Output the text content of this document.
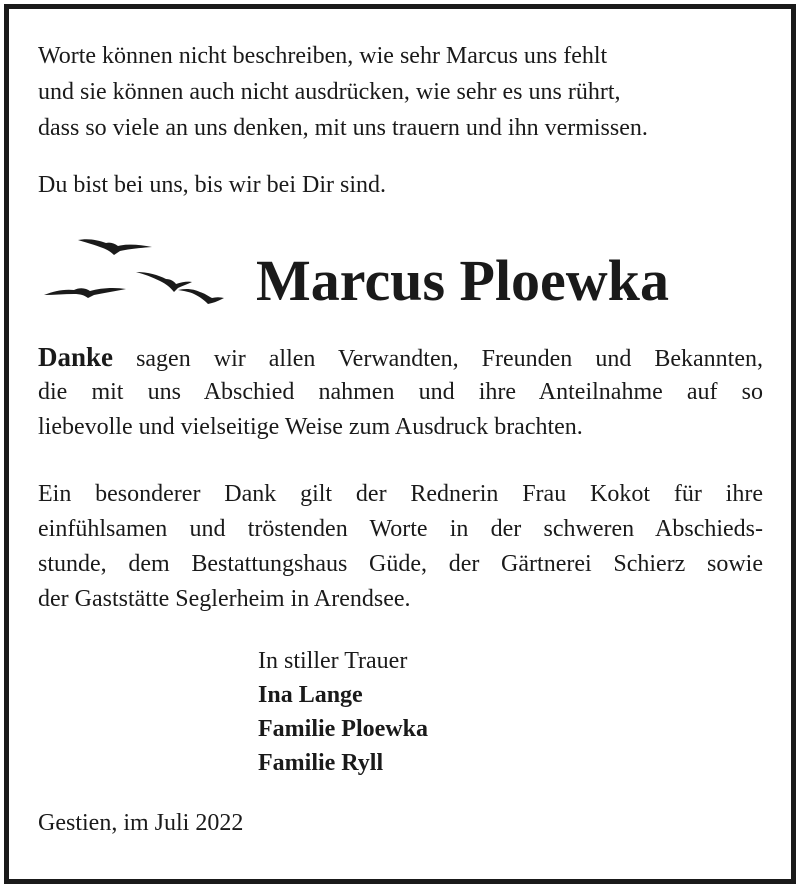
Worte können nicht beschreiben, wie sehr Marcus uns fehlt
und sie können auch nicht ausdrücken, wie sehr es uns rührt,
dass so viele an uns denken, mit uns trauern und ihn vermissen.
Du bist bei uns, bis wir bei Dir sind.
Marcus Ploewka
Danke sagen wir allen Verwandten, Freunden und Bekannten,
die mit uns Abschied nahmen und ihre Anteilnahme auf so
liebevolle und vielseitige Weise zum Ausdruck brachten.
Ein besonderer Dank gilt der Rednerin Frau Kokot für ihre
einfühlsamen und tröstenden Worte in der schweren Abschieds-
stunde, dem Bestattungshaus Güde, der Gärtnerei Schierz sowie
der Gaststätte Seglerheim in Arendsee.
In stiller Trauer
Ina Lange
Familie Ploewka
Familie Ryll
Gestien, im Juli 2022
